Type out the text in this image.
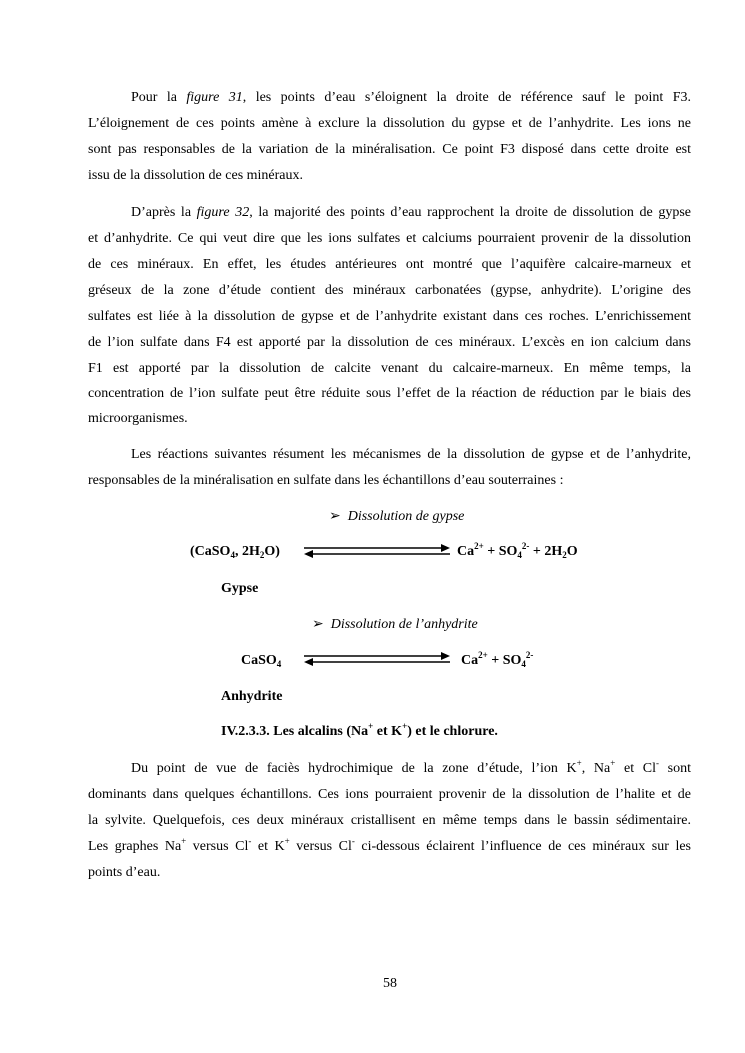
Pour la figure 31, les points d’eau s’éloignent la droite de référence sauf le point F3.
L’éloignement de ces points amène à exclure la dissolution du gypse et de l’anhydrite. Les ions ne
sont pas responsables de la variation de la minéralisation. Ce point F3 disposé dans cette droite est
issu de la dissolution de ces minéraux.
D’après la figure 32, la majorité des points d’eau rapprochent la droite de dissolution de gypse
et d’anhydrite. Ce qui veut dire que les ions sulfates et calciums pourraient provenir de la dissolution
de ces minéraux. En effet, les études antérieures ont montré que l’aquifère calcaire-marneux et
gréseux de la zone d’étude contient des minéraux carbonatées (gypse, anhydrite). L’origine des
sulfates est liée à la dissolution de gypse et de l’anhydrite existant dans ces roches. L’enrichissement
de l’ion sulfate dans F4 est apporté par la dissolution de ces minéraux. L’excès en ion calcium dans
F1 est apporté par la dissolution de calcite venant du calcaire-marneux. En même temps, la
concentration de l’ion sulfate peut être réduite sous l’effet de la réaction de réduction par le biais des
microorganismes.
Les réactions suivantes résument les mécanismes de la dissolution de gypse et de l’anhydrite,
responsables de la minéralisation en sulfate dans les échantillons d’eau souterraines :
➢ Dissolution de gypse
(CaSO$_4$, $2H_2O$)	$Ca^{2+} + SO_4^{2-} + 2H_2O$
Gypse
➢ Dissolution de l’anhydrite
CaSO$_4$	$Ca^{2+} + SO_4^{2-}$
Anhydrite
IV.2.3.3. Les alcalins (Na+ et K+) et le chlorure.
Du point de vue de faciès hydrochimique de la zone d’étude, l’ion K+, Na+ et Cl- sont
dominants dans quelques échantillons. Ces ions pourraient provenir de la dissolution de l’halite et de
la sylvite. Quelquefois, ces deux minéraux cristallisent en même temps dans le bassin sédimentaire.
Les graphes Na+ versus Cl- et K+ versus Cl- ci-dessous éclairent l’influence de ces minéraux sur les
points d’eau.
58
